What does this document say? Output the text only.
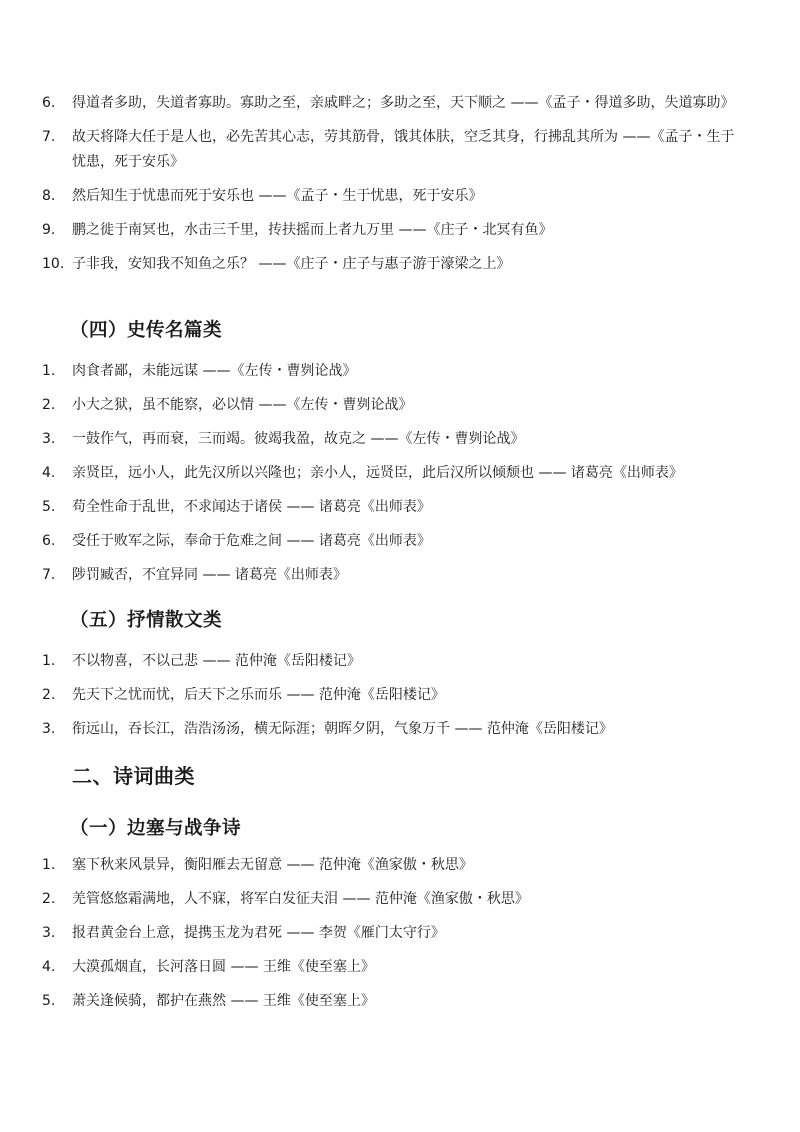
6.	得道者多助，失道者寡助。寡助之至，亲戚畔之；多助之至，天下顺之 ——《孟子・得道多助，失道寡助》
7.	故天将降大任于是人也，必先苦其心志，劳其筋骨，饿其体肤，空乏其身，行拂乱其所为 ——《孟子・生于忧患，死于安乐》
8.	然后知生于忧患而死于安乐也 ——《孟子・生于忧患，死于安乐》
9.	鹏之徙于南冥也，水击三千里，抟扶摇而上者九万里 ——《庄子・北冥有鱼》
10. 子非我，安知我不知鱼之乐？ ——《庄子・庄子与惠子游于濠梁之上》
（四）史传名篇类
1.	肉食者鄙，未能远谋 ——《左传・曹刿论战》
2.	小大之狱，虽不能察，必以情 ——《左传・曹刿论战》
3.	一鼓作气，再而衰，三而竭。彼竭我盈，故克之 ——《左传・曹刿论战》
4.	亲贤臣，远小人，此先汉所以兴隆也；亲小人，远贤臣，此后汉所以倾颓也 —— 诸葛亮《出师表》
5.	苟全性命于乱世，不求闻达于诸侯 —— 诸葛亮《出师表》
6.	受任于败军之际，奉命于危难之间 —— 诸葛亮《出师表》
7.	陟罚臧否，不宜异同 —— 诸葛亮《出师表》
（五）抒情散文类
1.	不以物喜，不以己悲 —— 范仲淹《岳阳楼记》
2.	先天下之忧而忧，后天下之乐而乐 —— 范仲淹《岳阳楼记》
3.	衔远山，吞长江，浩浩汤汤，横无际涯；朝晖夕阴，气象万千 —— 范仲淹《岳阳楼记》
二、诗词曲类
（一）边塞与战争诗
1.	塞下秋来风景异，衡阳雁去无留意 —— 范仲淹《渔家傲・秋思》
2.	羌管悠悠霜满地，人不寐，将军白发征夫泪 —— 范仲淹《渔家傲・秋思》
3.	报君黄金台上意，提携玉龙为君死 —— 李贺《雁门太守行》
4.	大漠孤烟直，长河落日圆 —— 王维《使至塞上》
5.	萧关逢候骑，都护在燕然 —— 王维《使至塞上》
